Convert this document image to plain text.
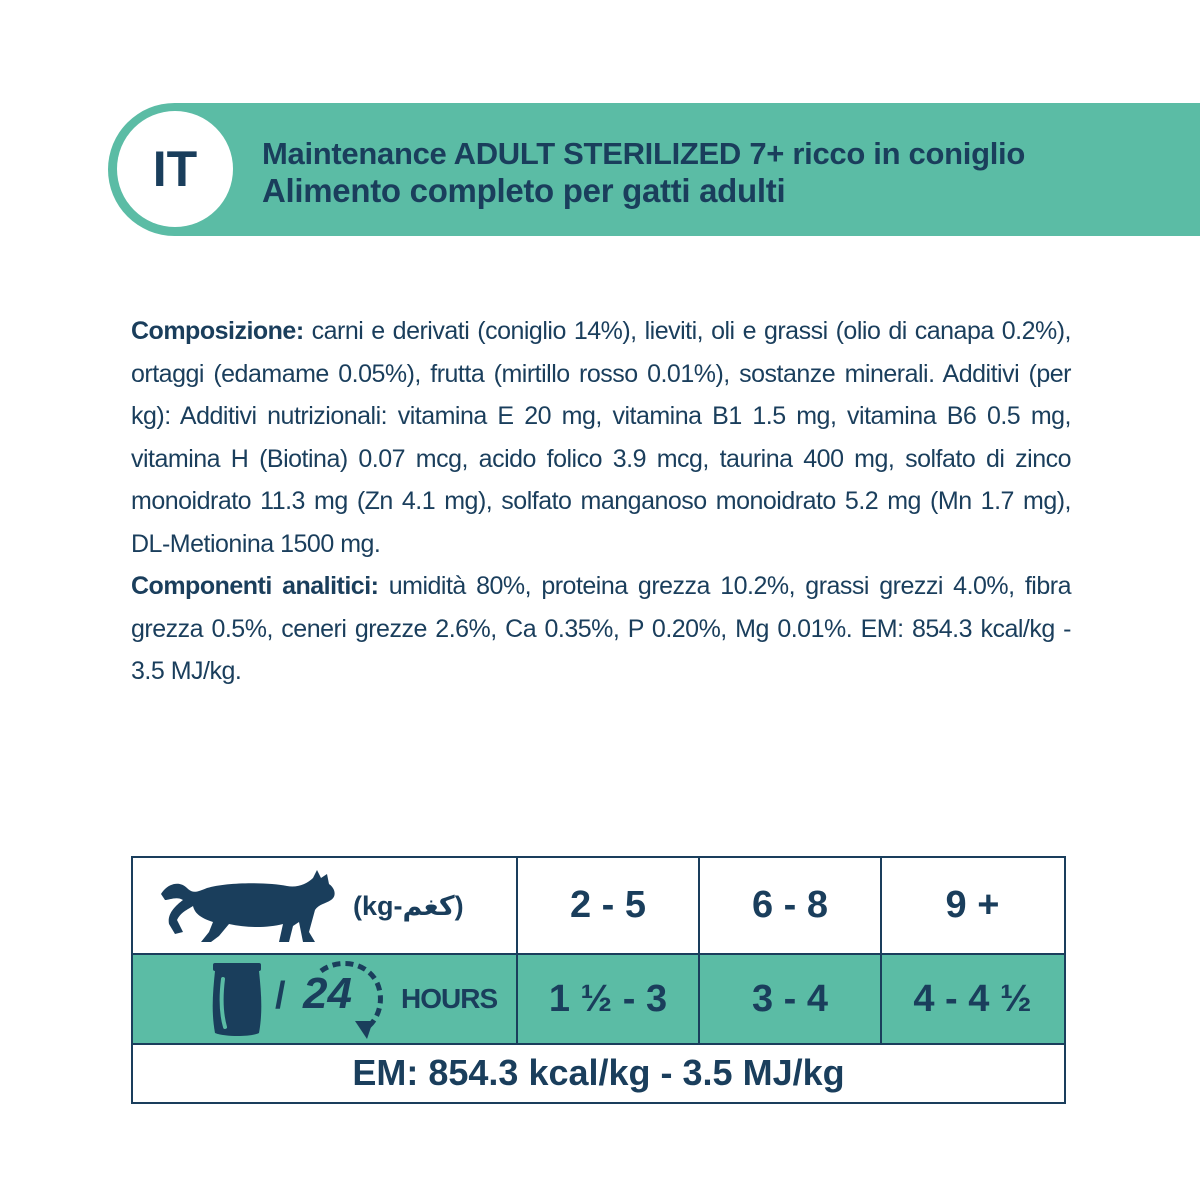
IT	Maintenance ADULT STERILIZED 7+ ricco in coniglio
Alimento completo per gatti adulti

Composizione: carni e derivati (coniglio 14%), lieviti, oli e grassi (olio di canapa 0.2%), ortaggi (edamame 0.05%), frutta (mirtillo rosso 0.01%), sostanze minerali. Additivi (per kg): Additivi nutrizionali: vitamina E 20 mg, vitamina B1 1.5 mg, vitamina B6 0.5 mg, vitamina H (Biotina) 0.07 mcg, acido folico 3.9 mcg, taurina 400 mg, solfato di zinco monoidrato 11.3 mg (Zn 4.1 mg), solfato manganoso monoidrato 5.2 mg (Mn 1.7 mg), DL-Metionina 1500 mg.

Componenti analitici: umidità 80%, proteina grezza 10.2%, grassi grezzi 4.0%, fibra grezza 0.5%, ceneri grezze 2.6%, Ca 0.35%, P 0.20%, Mg 0.01%. EM: 854.3 kcal/kg - 3.5 MJ/kg.

(kg-كغم)	2 - 5	6 - 8	9 +
/ 24 HOURS	1 ½ - 3	3 - 4	4 - 4 ½
EM: 854.3 kcal/kg - 3.5 MJ/kg
